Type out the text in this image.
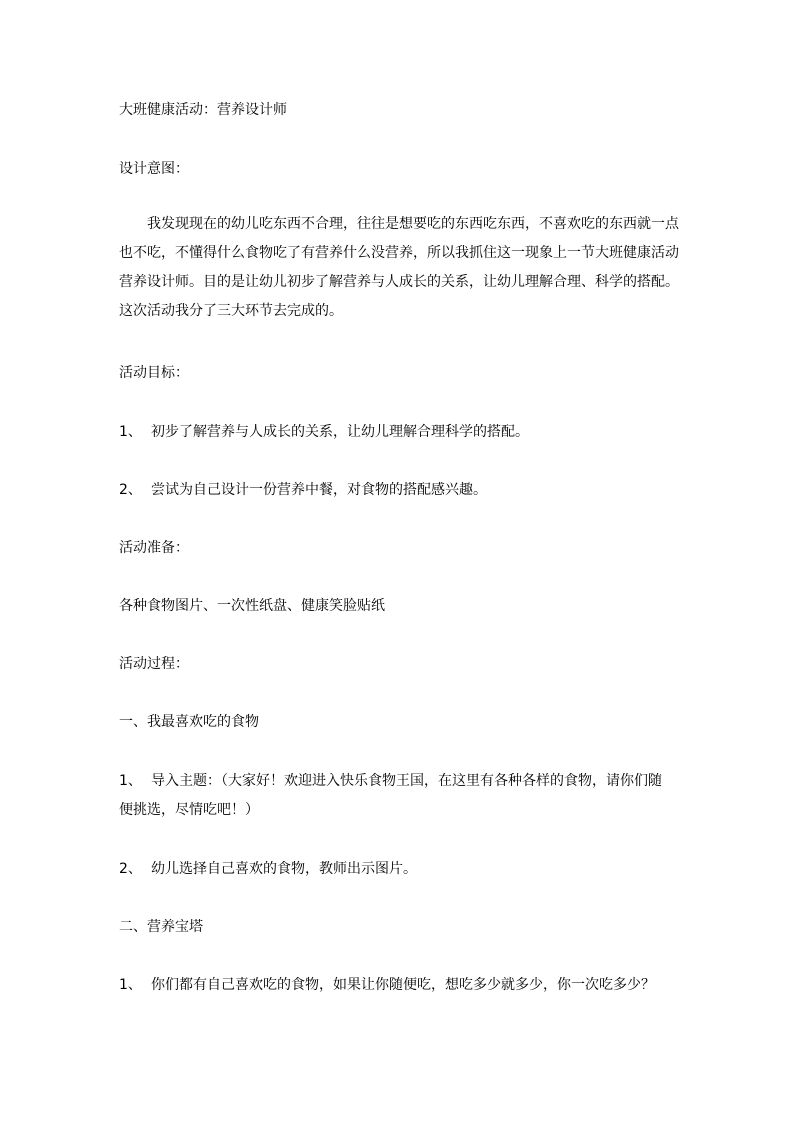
大班健康活动：营养设计师
设计意图：
我发现现在的幼儿吃东西不合理，往往是想要吃的东西吃东西，不喜欢吃的东西就一点
也不吃，不懂得什么食物吃了有营养什么没营养，所以我抓住这一现象上一节大班健康活动
营养设计师。目的是让幼儿初步了解营养与人成长的关系，让幼儿理解合理、科学的搭配。
这次活动我分了三大环节去完成的。
活动目标：
1、 初步了解营养与人成长的关系，让幼儿理解合理科学的搭配。
2、 尝试为自己设计一份营养中餐，对食物的搭配感兴趣。
活动准备：
各种食物图片、一次性纸盘、健康笑脸贴纸
活动过程：
一、我最喜欢吃的食物
1、 导入主题：（大家好！欢迎进入快乐食物王国，在这里有各种各样的食物，请你们随
便挑选，尽情吃吧！）
2、 幼儿选择自己喜欢的食物，教师出示图片。
二、营养宝塔
1、 你们都有自己喜欢吃的食物，如果让你随便吃，想吃多少就多少，你一次吃多少？
